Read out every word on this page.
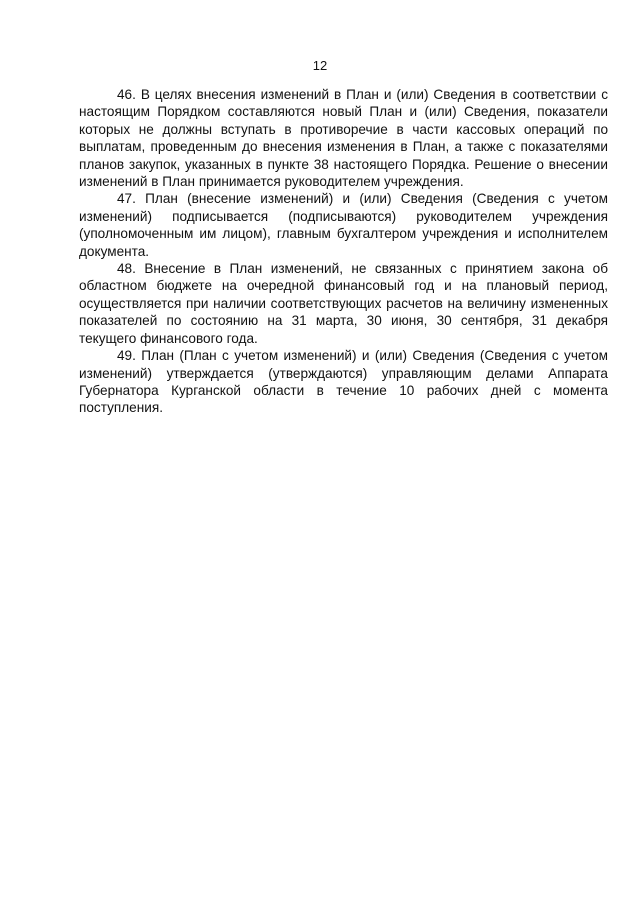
12

46. В целях внесения изменений в План и (или) Сведения в соответствии с настоящим Порядком составляются новый План и (или) Сведения, показатели которых не должны вступать в противоречие в части кассовых операций по выплатам, проведенным до внесения изменения в План, а также с показателями планов закупок, указанных в пункте 38 настоящего Порядка. Решение о внесении изменений в План принимается руководителем учреждения.

47. План (внесение изменений) и (или) Сведения (Сведения с учетом изменений) подписывается (подписываются) руководителем учреждения (уполномоченным им лицом), главным бухгалтером учреждения и исполнителем документа.

48. Внесение в План изменений, не связанных с принятием закона об областном бюджете на очередной финансовый год и на плановый период, осуществляется при наличии соответствующих расчетов на величину измененных показателей по состоянию на 31 марта, 30 июня, 30 сентября, 31 декабря текущего финансового года.

49. План (План с учетом изменений) и (или) Сведения (Сведения с учетом изменений) утверждается (утверждаются) управляющим делами Аппарата Губернатора Курганской области в течение 10 рабочих дней с момента поступления.
